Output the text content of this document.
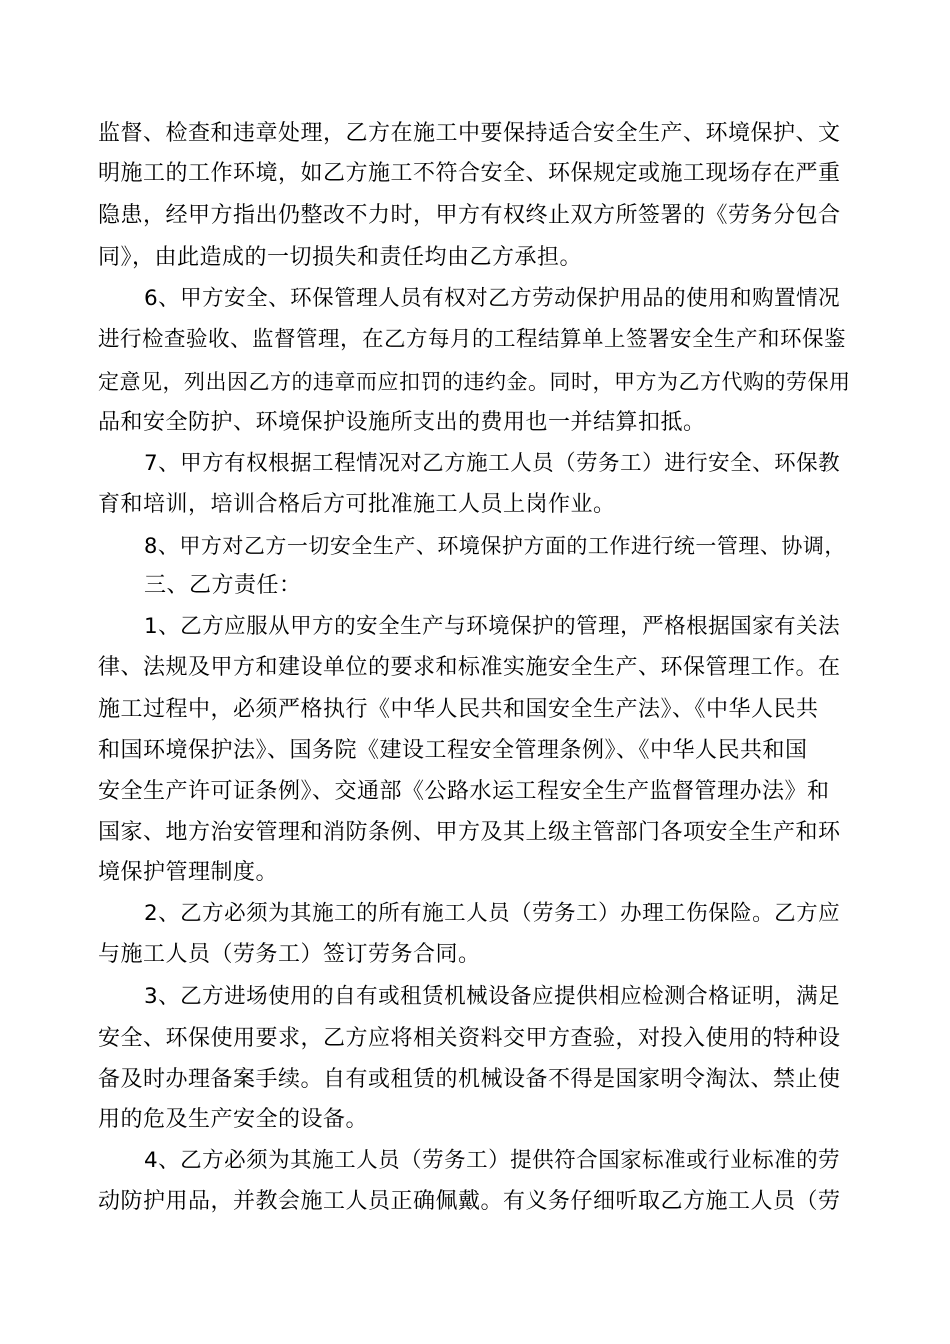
监督、检查和违章处理，乙方在施工中要保持适合安全生产、环境保护、文
明施工的工作环境，如乙方施工不符合安全、环保规定或施工现场存在严重
隐患，经甲方指出仍整改不力时，甲方有权终止双方所签署的《劳务分包合
同》，由此造成的一切损失和责任均由乙方承担。
6、甲方安全、环保管理人员有权对乙方劳动保护用品的使用和购置情况
进行检查验收、监督管理，在乙方每月的工程结算单上签署安全生产和环保鉴
定意见，列出因乙方的违章而应扣罚的违约金。同时，甲方为乙方代购的劳保用
品和安全防护、环境保护设施所支出的费用也一并结算扣抵。
7、甲方有权根据工程情况对乙方施工人员（劳务工）进行安全、环保教
育和培训，培训合格后方可批准施工人员上岗作业。
8、甲方对乙方一切安全生产、环境保护方面的工作进行统一管理、协调，
三、乙方责任：
1、乙方应服从甲方的安全生产与环境保护的管理，严格根据国家有关法
律、法规及甲方和建设单位的要求和标准实施安全生产、环保管理工作。在
施工过程中，必须严格执行《中华人民共和国安全生产法》、《中华人民共
和国环境保护法》、国务院《建设工程安全管理条例》、《中华人民共和国
安全生产许可证条例》、交通部《公路水运工程安全生产监督管理办法》和
国家、地方治安管理和消防条例、甲方及其上级主管部门各项安全生产和环
境保护管理制度。
2、乙方必须为其施工的所有施工人员（劳务工）办理工伤保险。乙方应
与施工人员（劳务工）签订劳务合同。
3、乙方进场使用的自有或租赁机械设备应提供相应检测合格证明，满足
安全、环保使用要求，乙方应将相关资料交甲方查验，对投入使用的特种设
备及时办理备案手续。自有或租赁的机械设备不得是国家明令淘汰、禁止使
用的危及生产安全的设备。
4、乙方必须为其施工人员（劳务工）提供符合国家标准或行业标准的劳
动防护用品，并教会施工人员正确佩戴。有义务仔细听取乙方施工人员（劳
